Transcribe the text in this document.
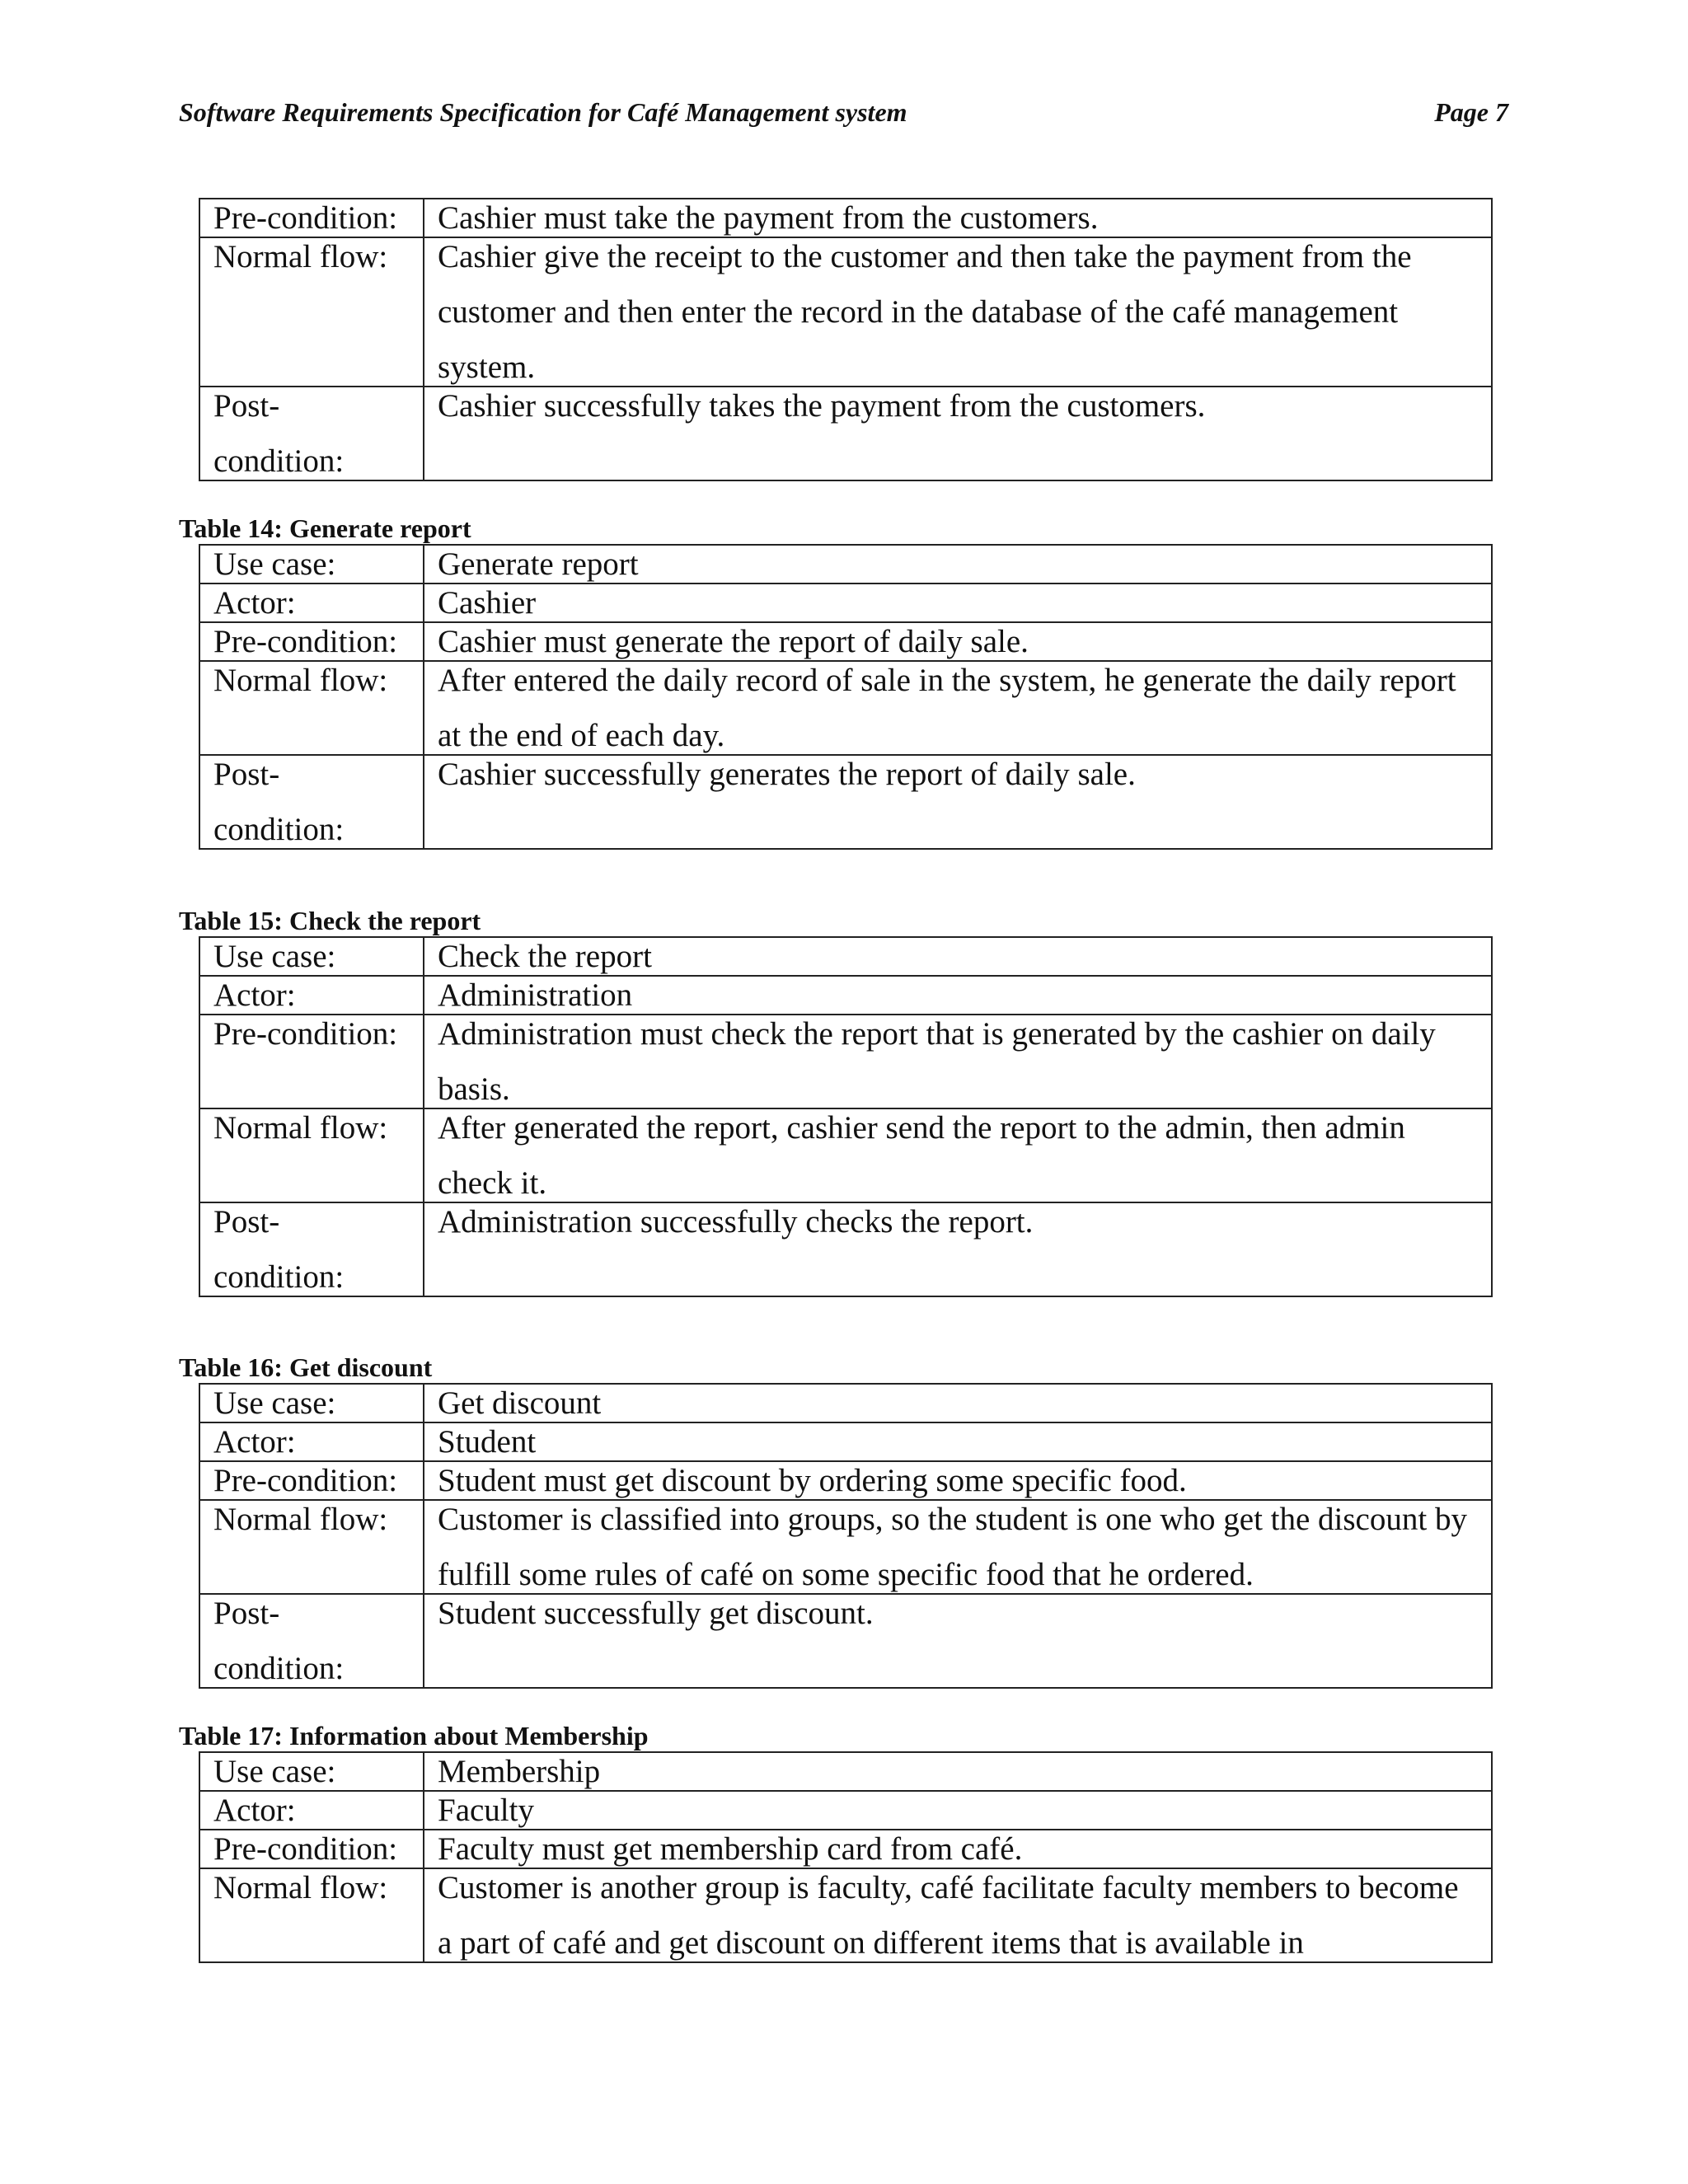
Software Requirements Specification for Café Management system	Page 7
Pre-condition:	Cashier must take the payment from the customers.
Normal flow:	Cashier give the receipt to the customer and then take the payment from the customer and then enter the record in the database of the café management system.

Post-condition:	Cashier successfully takes the payment from the customers.
Table 14: Generate report
Use case:	Generate report
Actor:	Cashier
Pre-condition:	Cashier must generate the report of daily sale.
Normal flow:	After entered the daily record of sale in the system, he generate the daily report at the end of each day.

Post-condition:	Cashier successfully generates the report of daily sale.
Table 15: Check the report
Use case:	Check the report
Actor:	Administration
Pre-condition:	Administration must check the report that is generated by the cashier on daily basis.

Normal flow:	After generated the report, cashier send the report to the admin, then admin check it.

Post-condition:	Administration successfully checks the report.
Table 16: Get discount
Use case:	Get discount
Actor:	Student
Pre-condition:	Student must get discount by ordering some specific food.
Normal flow:	Customer is classified into groups, so the student is one who get the discount by fulfill some rules of café on some specific food that he ordered.

Post-condition:	Student successfully get discount.
Table 17: Information about Membership
Use case:	Membership
Actor:	Faculty
Pre-condition:	Faculty must get membership card from café.
Normal flow:	Customer is another group is faculty, café facilitate faculty members to become a part of café and get discount on different items that is available in
